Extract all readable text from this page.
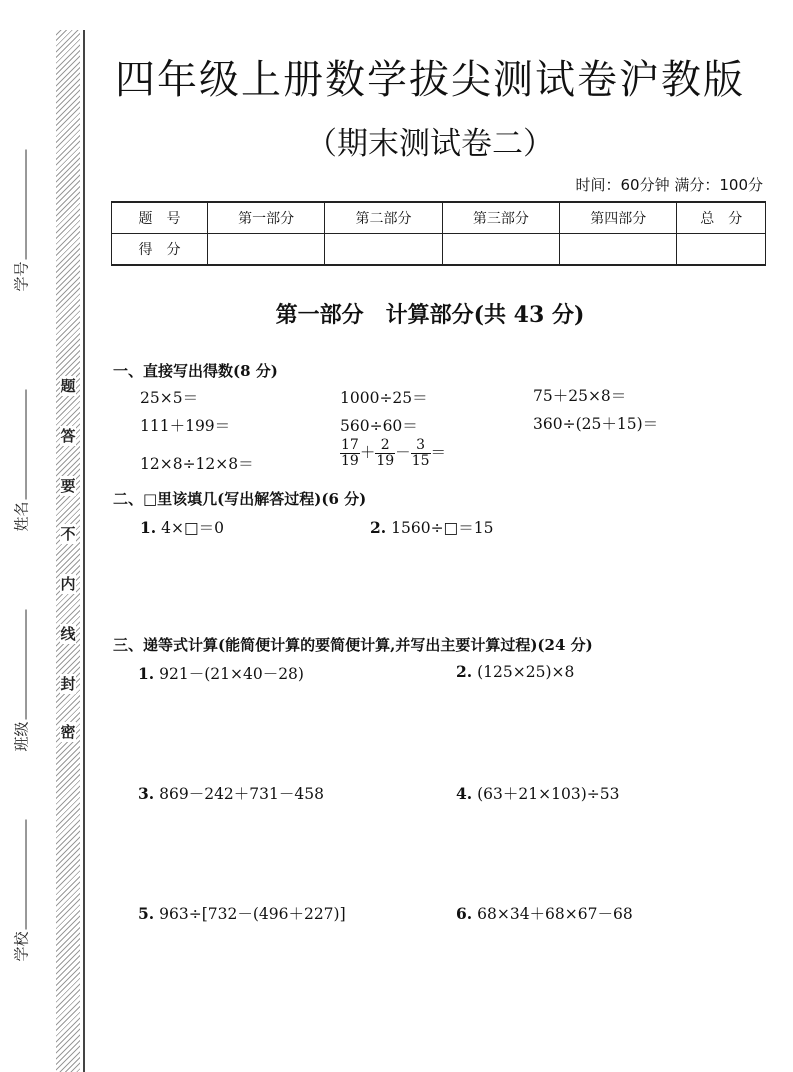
题
答
要
不
内
线
封
密
学号
姓名
班级
学校
四年级上册数学拔尖测试卷沪教版
（期末测试卷二）
时间：60分钟 满分：100分
题　号	第一部分	第二部分	第三部分	第四部分	总　分
得　分					
第一部分　计算部分(共 43 分)
一、直接写出得数(8 分)
25×5＝	1000÷25＝	75＋25×8＝
111＋199＝	560÷60＝	360÷(25＋15)＝
12×8÷12×8＝	$\frac{17}{19} + \frac{2}{19} - \frac{3}{15}$ ＝
二、□里该填几(写出解答过程)(6 分)
1. 4×□＝0	2. 1560÷□＝15
三、递等式计算(能简便计算的要简便计算,并写出主要计算过程)(24 分)
1. 921－(21×40－28)	2. (125×25)×8
3. 869－242＋731－458	4. (63＋21×103)÷53
5. 963÷[732－(496＋227)]	6. 68×34＋68×67－68
